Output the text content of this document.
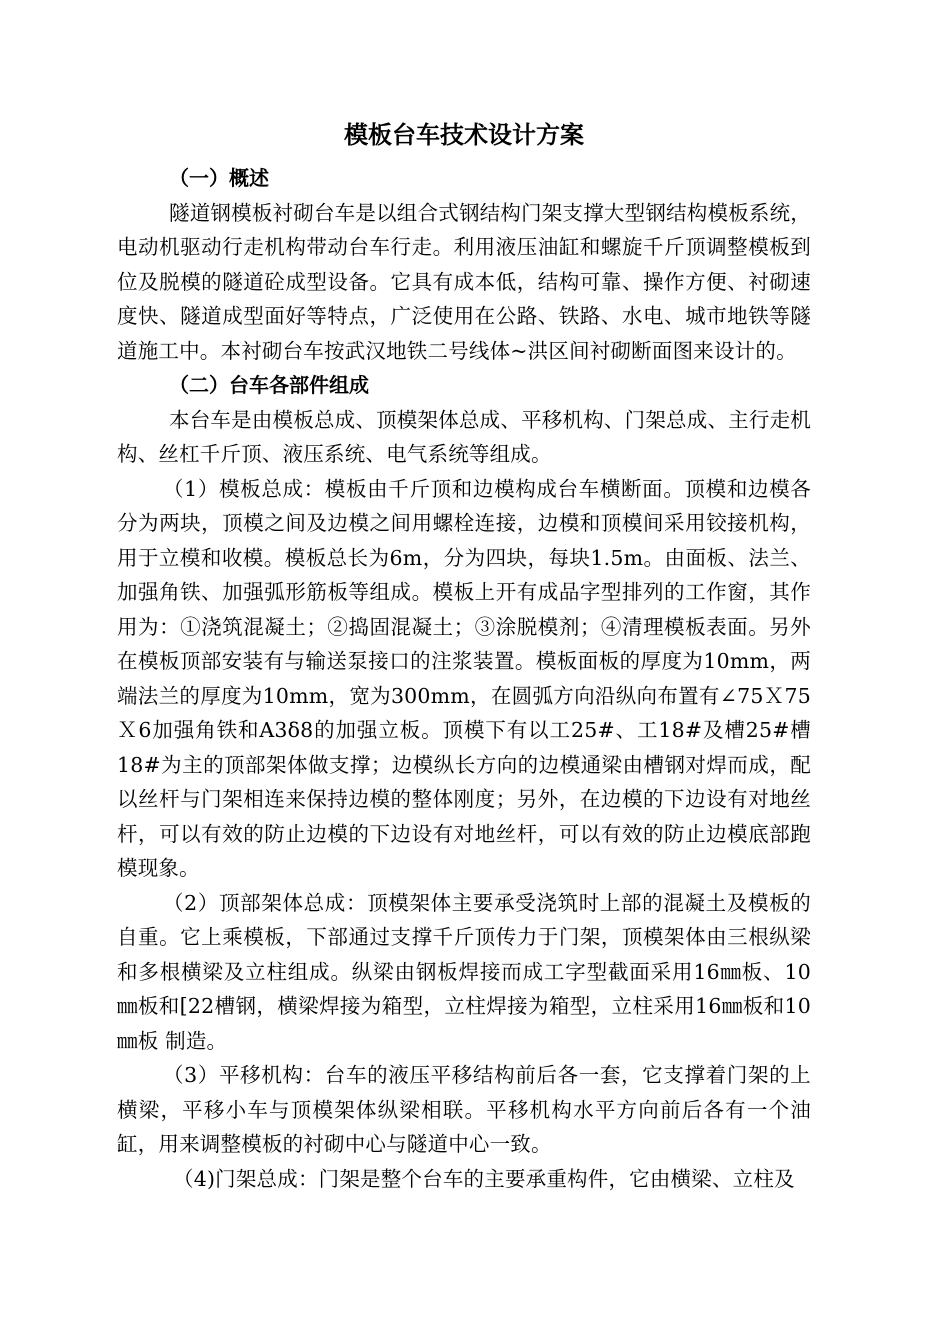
模板台车技术设计方案
（一）概述

隧道钢模板衬砌台车是以组合式钢结构门架支撑大型钢结构模板系统，电动机驱动行走机构带动台车行走。利用液压油缸和螺旋千斤顶调整模板到位及脱模的隧道砼成型设备。它具有成本低，结构可靠、操作方便、衬砌速度快、隧道成型面好等特点，广泛使用在公路、铁路、水电、城市地铁等隧道施工中。本衬砌台车按武汉地铁二号线体~洪区间衬砌断面图来设计的。

（二）台车各部件组成

本台车是由模板总成、顶模架体总成、平移机构、门架总成、主行走机构、丝杠千斤顶、液压系统、电气系统等组成。

（1）模板总成：模板由千斤顶和边模构成台车横断面。顶模和边模各分为两块，顶模之间及边模之间用螺栓连接，边模和顶模间采用铰接机构，用于立模和收模。模板总长为6m，分为四块，每块1.5m。由面板、法兰、加强角铁、加强弧形筋板等组成。模板上开有成品字型排列的工作窗，其作用为：①浇筑混凝土；②捣固混凝土；③涂脱模剂；④清理模板表面。另外在模板顶部安装有与输送泵接口的注浆装置。模板面板的厚度为10mm，两端法兰的厚度为10mm，宽为300mm，在圆弧方向沿纵向布置有∠75Ｘ75Ｘ6加强角铁和A3δ8的加强立板。顶模下有以工25#、工18#及槽25#槽18#为主的顶部架体做支撑；边模纵长方向的边模通梁由槽钢对焊而成，配以丝杆与门架相连来保持边模的整体刚度；另外，在边模的下边设有对地丝杆，可以有效的防止边模的下边设有对地丝杆，可以有效的防止边模底部跑模现象。

（2）顶部架体总成：顶模架体主要承受浇筑时上部的混凝土及模板的自重。它上乘模板，下部通过支撑千斤顶传力于门架，顶模架体由三根纵梁和多根横梁及立柱组成。纵梁由钢板焊接而成工字型截面采用16㎜板、10㎜板和[22槽钢，横梁焊接为箱型，立柱焊接为箱型，立柱采用16㎜板和10㎜板 制造。

（3）平移机构：台车的液压平移结构前后各一套，它支撑着门架的上横梁，平移小车与顶模架体纵梁相联。平移机构水平方向前后各有一个油缸，用来调整模板的衬砌中心与隧道中心一致。

（4)门架总成：门架是整个台车的主要承重构件，它由横梁、立柱及
